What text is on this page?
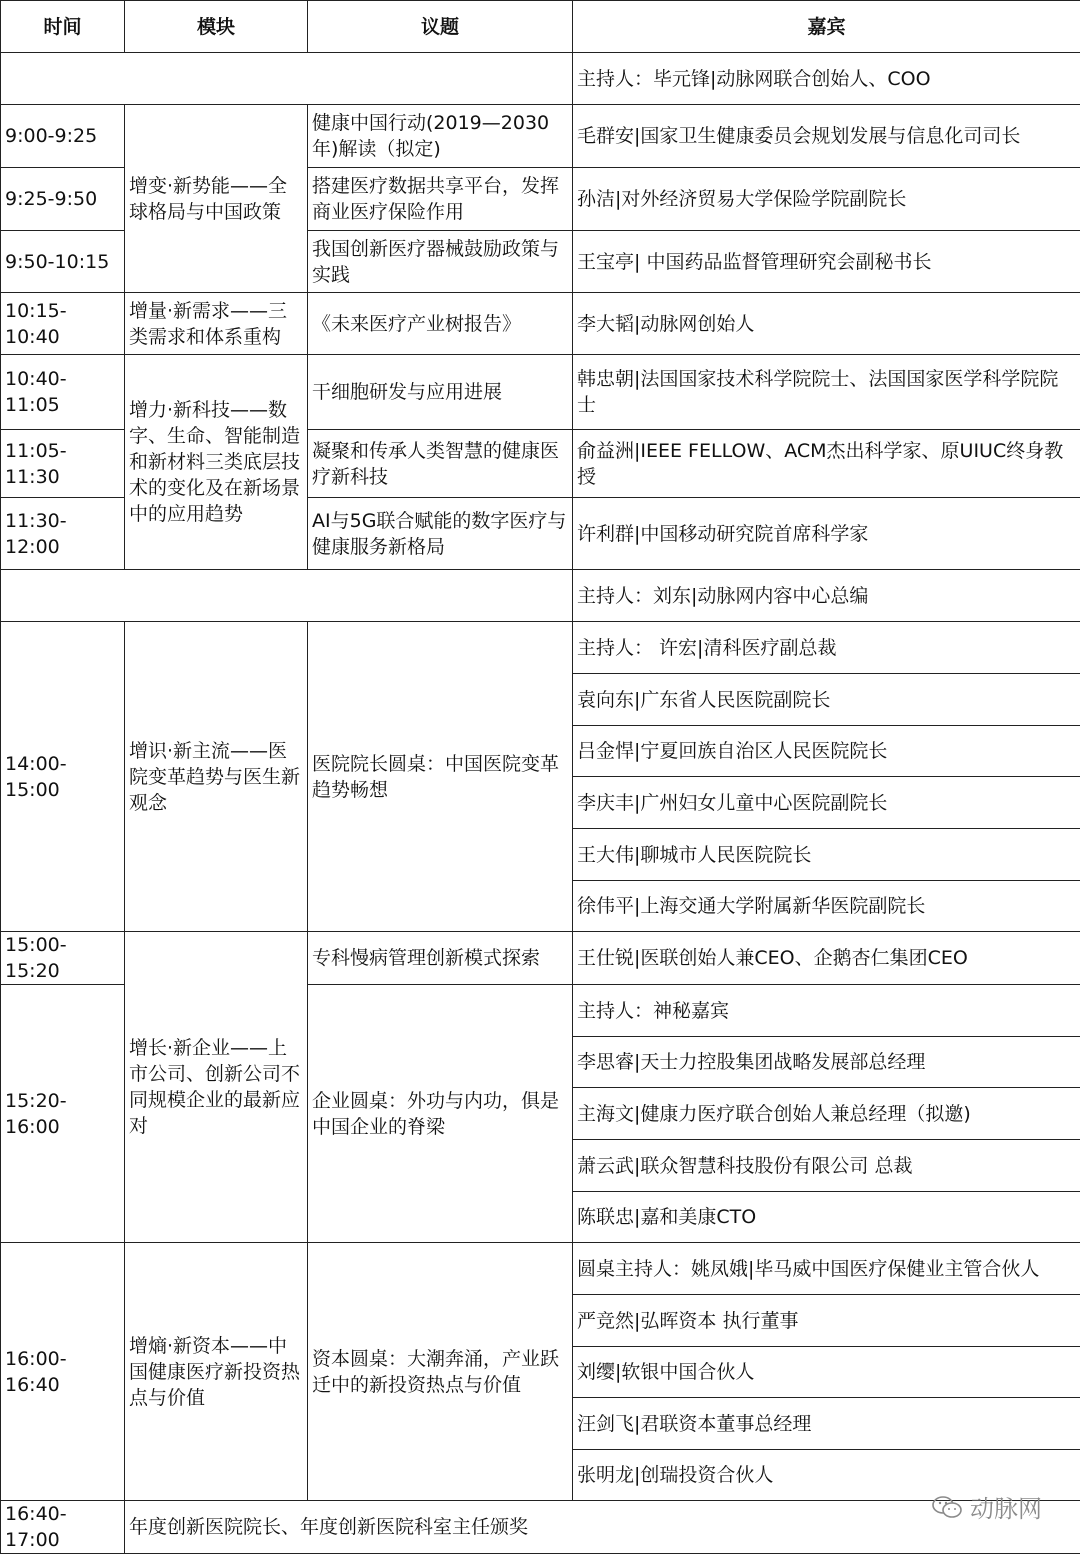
时间	模块	议题	嘉宾
			主持人：毕元锋|动脉网联合创始人、COO
9:00-9:25	增变·新势能——全球格局与中国政策	健康中国行动(2019—2030年)解读（拟定)	毛群安|国家卫生健康委员会规划发展与信息化司司长
9:25-9:50		搭建医疗数据共享平台，发挥商业医疗保险作用	孙洁|对外经济贸易大学保险学院副院长
9:50-10:15		我国创新医疗器械鼓励政策与实践	王宝亭| 中国药品监督管理研究会副秘书长
10:15-10:40	增量·新需求——三类需求和体系重构	《未来医疗产业树报告》	李大韬|动脉网创始人
10:40-11:05	增力·新科技——数字、生命、智能制造和新材料三类底层技术的变化及在新场景中的应用趋势	干细胞研发与应用进展	韩忠朝|法国国家技术科学院院士、法国国家医学科学院院士
11:05-11:30		凝聚和传承人类智慧的健康医疗新科技	俞益洲|IEEE FELLOW、ACM杰出科学家、原UIUC终身教授
11:30-12:00		AI与5G联合赋能的数字医疗与健康服务新格局	许利群|中国移动研究院首席科学家
			主持人：刘东|动脉网内容中心总编
14:00-15:00	增识·新主流——医院变革趋势与医生新观念	医院院长圆桌：中国医院变革趋势畅想	主持人： 许宏|清科医疗副总裁
			袁向东|广东省人民医院副院长
			吕金悍|宁夏回族自治区人民医院院长
			李庆丰|广州妇女儿童中心医院副院长
			王大伟|聊城市人民医院院长
			徐伟平|上海交通大学附属新华医院副院长
15:00-15:20	增长·新企业——上市公司、创新公司不同规模企业的最新应对	专科慢病管理创新模式探索	王仕锐|医联创始人兼CEO、企鹅杏仁集团CEO
15:20-16:00		企业圆桌：外功与内功，俱是中国企业的脊梁	主持人：神秘嘉宾
			李思睿|天士力控股集团战略发展部总经理
			主海文|健康力医疗联合创始人兼总经理（拟邀)
			萧云武|联众智慧科技股份有限公司 总裁
			陈联忠|嘉和美康CTO
16:00-16:40	增熵·新资本——中国健康医疗新投资热点与价值	资本圆桌：大潮奔涌，产业跃迁中的新投资热点与价值	圆桌主持人：姚凤娥|毕马威中国医疗保健业主管合伙人
			严竞然|弘晖资本 执行董事
			刘缨|软银中国合伙人
			汪剑飞|君联资本董事总经理
			张明龙|创瑞投资合伙人
16:40-17:00	年度创新医院院长、年度创新医院科室主任颁奖		
动脉网
